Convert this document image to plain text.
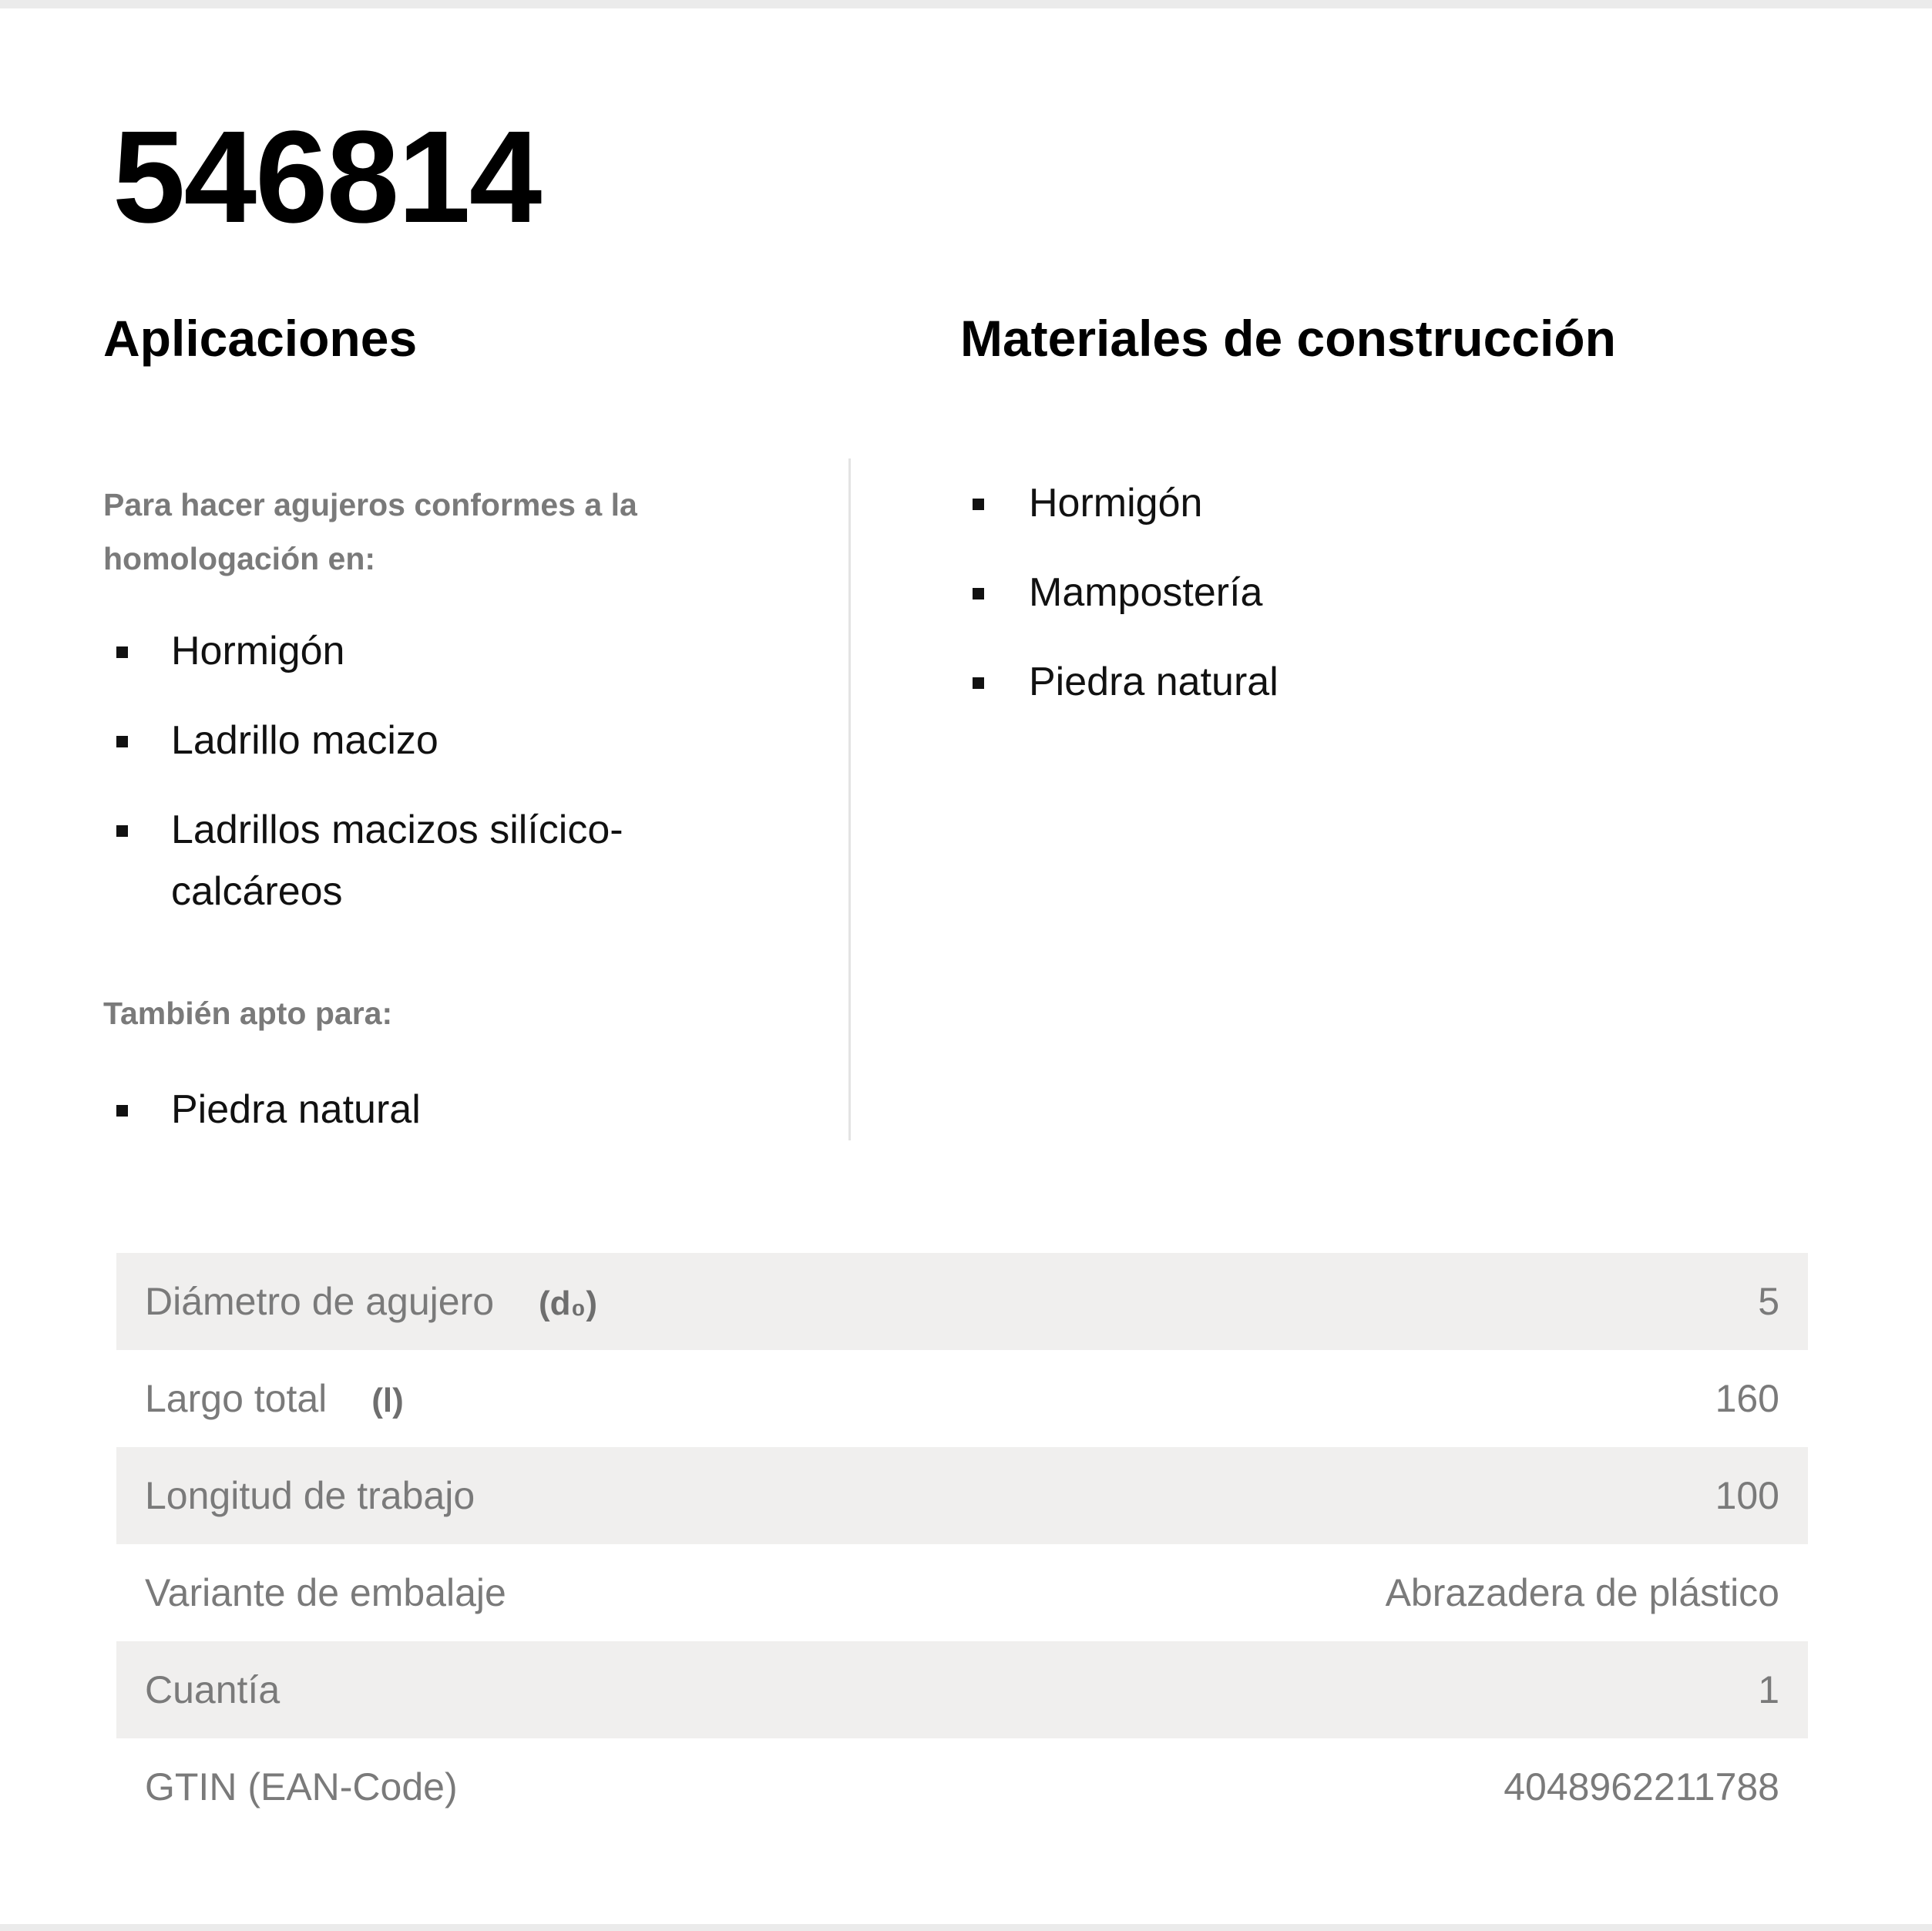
546814
Aplicaciones	Materiales de construcción

Para hacer agujeros conformes a la homologación en:

Hormigón
Ladrillo macizo
Ladrillos macizos silícico-calcáreos

También apto para:

Piedra natural
Hormigón
Mampostería
Piedra natural
Diámetro de agujero (d₀)	5
Largo total (l)	160
Longitud de trabajo	100
Variante de embalaje	Abrazadera de plástico
Cuantía	1
GTIN (EAN-Code)	4048962211788
